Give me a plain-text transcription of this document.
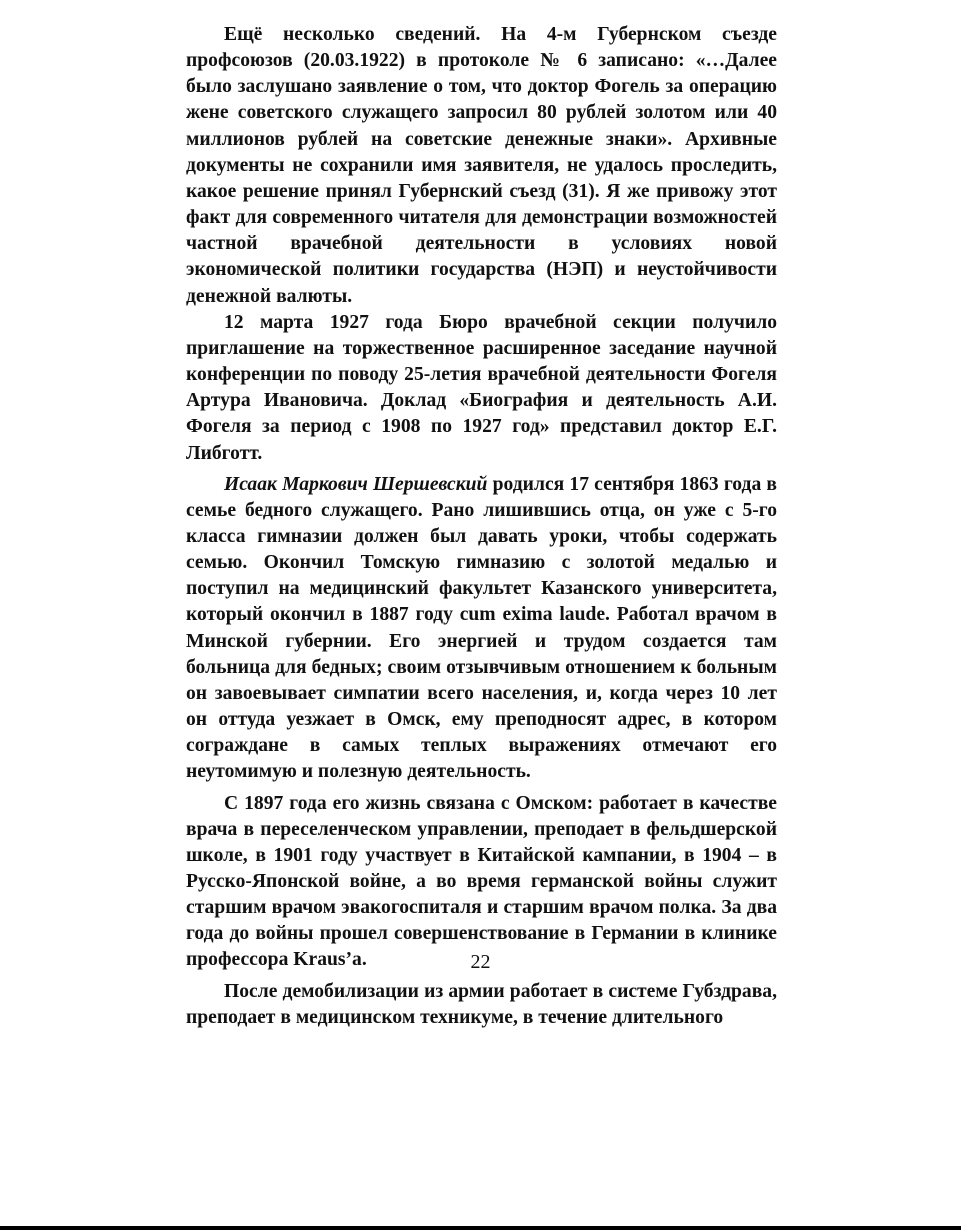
Ещё несколько сведений. На 4-м Губернском съезде профсоюзов (20.03.1922) в протоколе № 6 записано: «…Далее было заслушано заявление о том, что доктор Фогель за операцию жене советского служащего запросил 80 рублей золотом или 40 миллионов рублей на советские денежные знаки». Архивные документы не сохранили имя заявителя, не удалось проследить, какое решение принял Губернский съезд (31). Я же привожу этот факт для современного читателя для демонстрации возможностей частной врачебной деятельности в условиях новой экономической политики государства (НЭП) и неустойчивости денежной валюты.

12 марта 1927 года Бюро врачебной секции получило приглашение на торжественное расширенное заседание научной конференции по поводу 25-летия врачебной деятельности Фогеля Артура Ивановича. Доклад «Биография и деятельность А.И. Фогеля за период с 1908 по 1927 год» представил доктор Е.Г. Либготт.

Исаак Маркович Шершевский родился 17 сентября 1863 года в семье бедного служащего. Рано лишившись отца, он уже с 5-го класса гимназии должен был давать уроки, чтобы содержать семью. Окончил Томскую гимназию с золотой медалью и поступил на медицинский факультет Казанского университета, который окончил в 1887 году cum exima laude. Работал врачом в Минской губернии. Его энергией и трудом создается там больница для бедных; своим отзывчивым отношением к больным он завоевывает симпатии всего населения, и, когда через 10 лет он оттуда уезжает в Омск, ему преподносят адрес, в котором сограждане в самых теплых выражениях отмечают его неутомимую и полезную деятельность.

С 1897 года его жизнь связана с Омском: работает в качестве врача в переселенческом управлении, преподает в фельдшерской школе, в 1901 году участвует в Китайской кампании, в 1904 – в Русско-Японской войне, а во время германской войны служит старшим врачом эвакогоспиталя и старшим врачом полка. За два года до войны прошел совершенствование в Германии в клинике профессора Kraus’а.

После демобилизации из армии работает в системе Губздрава, преподает в медицинском техникуме, в течение длительного

22
